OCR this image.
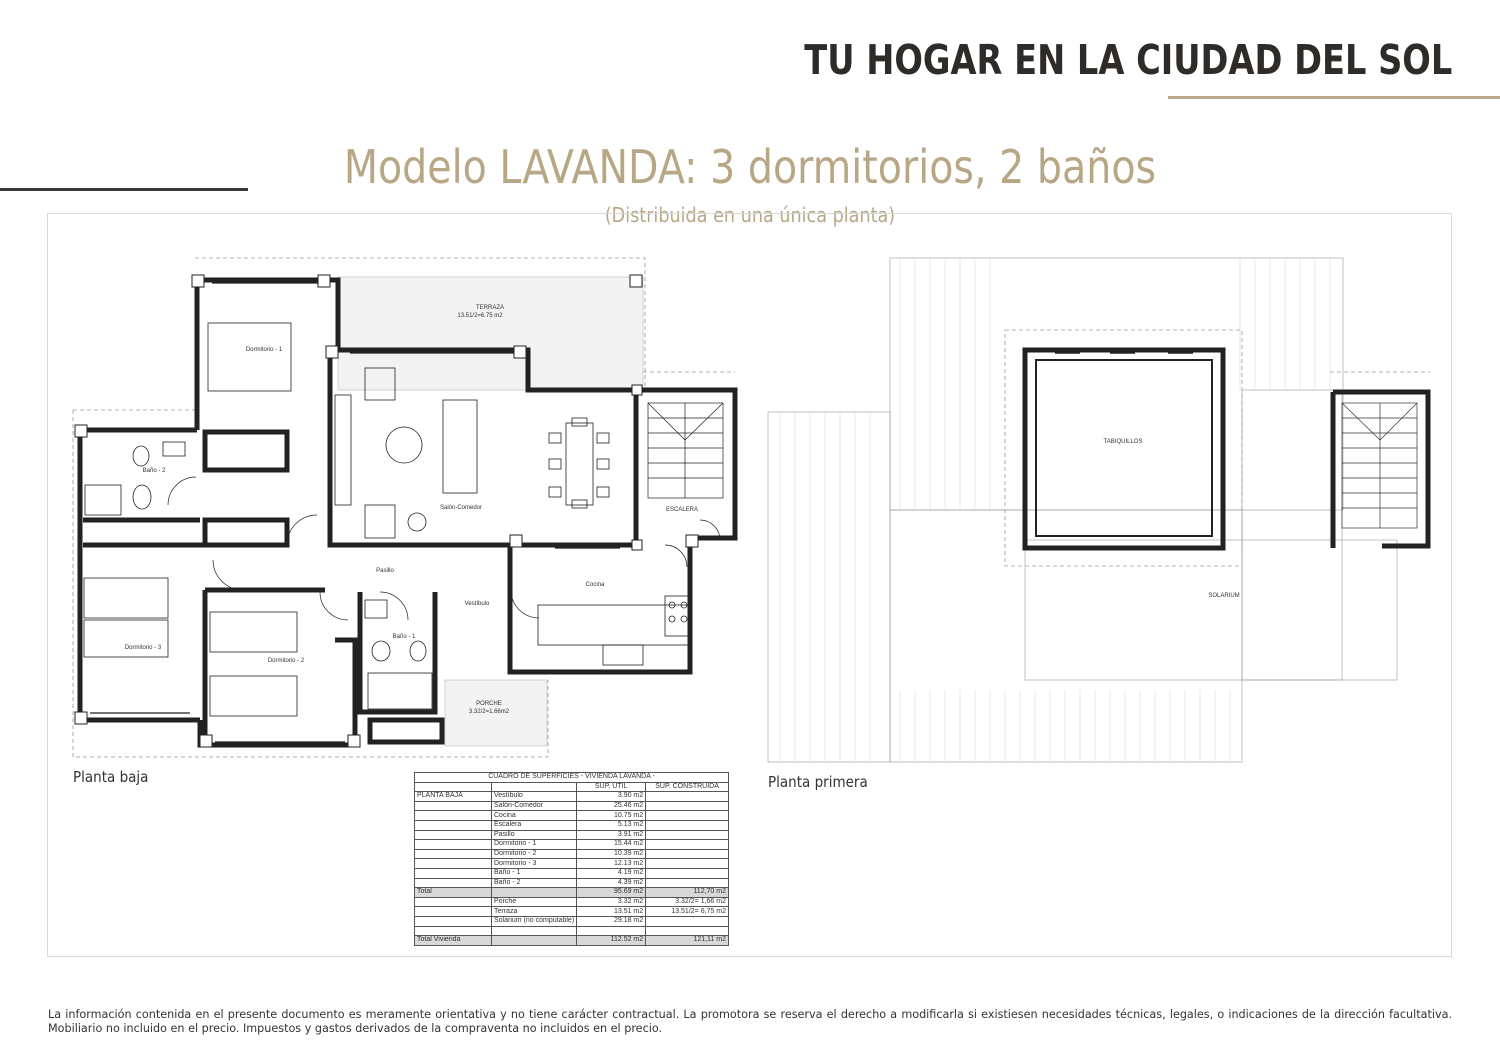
TU HOGAR EN LA CIUDAD DEL SOL
Modelo LAVANDA: 3 dormitorios, 2 baños
(Distribuida en una única planta)
TERRAZA
13.51/2=6.75 m2
Dormitorio - 1
Baño - 2
Salón-Comedor	ESCALERA
Pasillo
Cocina
Vestíbulo
Dormitorio - 3
Dormitorio - 2
Baño - 1
PORCHE
3.32/2=1.66m2
TABIQUILLOS
SOLARIUM
Planta baja	Planta primera
CUADRO DE SUPERFICIES - VIVIENDA LAVANDA -			
		SUP. UTIL	SUP. CONSTRUIDA
PLANTA BAJA	Vestíbulo	3.90 m2	
	Salón-Comedor	25.46 m2	
	Cocina	10.75 m2	
	Escalera	5.13 m2	
	Pasillo	3.91 m2	
	Dormitorio - 1	15.44 m2	
	Dormitorio - 2	10.39 m2	
	Dormitorio - 3	12.13 m2	
	Baño - 1	4.19 m2	
	Baño - 2	4.39 m2	
Total		95.69 m2	112,70 m2
	Porche	3.32 m2	3.32/2= 1,66 m2
	Terraza	13.51 m2	13.51/2= 6,75 m2
	Solarium (no computable)	29.18 m2	

Total Vivienda		112.52 m2	121,11 m2
La información contenida en el presente documento es meramente orientativa y no tiene carácter contractual. La promotora se reserva el derecho a modificarla si existiesen necesidades técnicas, legales, o indicaciones de la dirección facultativa. Mobiliario no incluido en el precio. Impuestos y gastos derivados de la compraventa no incluidos en el precio.
